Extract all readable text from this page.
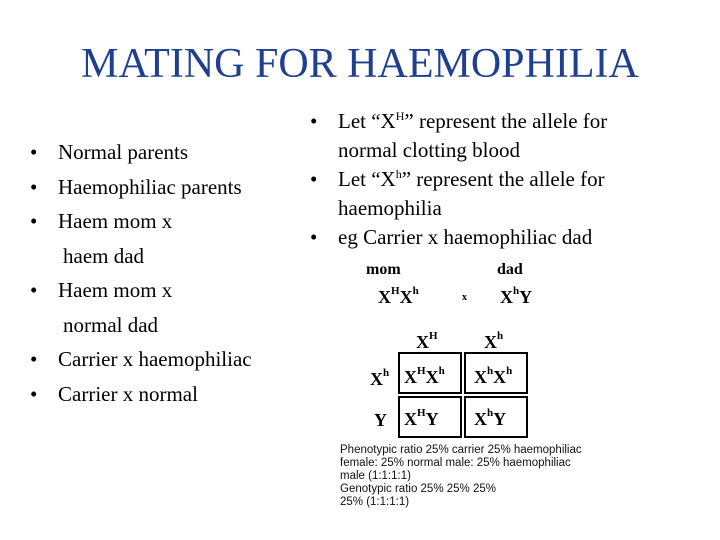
MATING FOR HAEMOPHILIA
• Normal parents
• Haemophiliac parents
• Haem mom x
haem dad
• Haem mom x
normal dad
• Carrier x haemophiliac
• Carrier x normal
• Let “$X^H$” represent the allele for
normal clotting blood
• Let “$X^h$” represent the allele for
haemophilia
• eg Carrier x haemophiliac dad
mom	dad
$X^HX^h$
x $X^hY$
$X^H$	$X^h$
$X^h$
Y
$X^HX^h$ $X^hX^h$
$X^HY$ $X^hY$
Phenotypic ratio 25% carrier 25% haemophiliac
female: 25% normal male: 25% haemophiliac
male (1:1:1:1)
Genotypic ratio 25% 25% 25%
25% (1:1:1:1)
